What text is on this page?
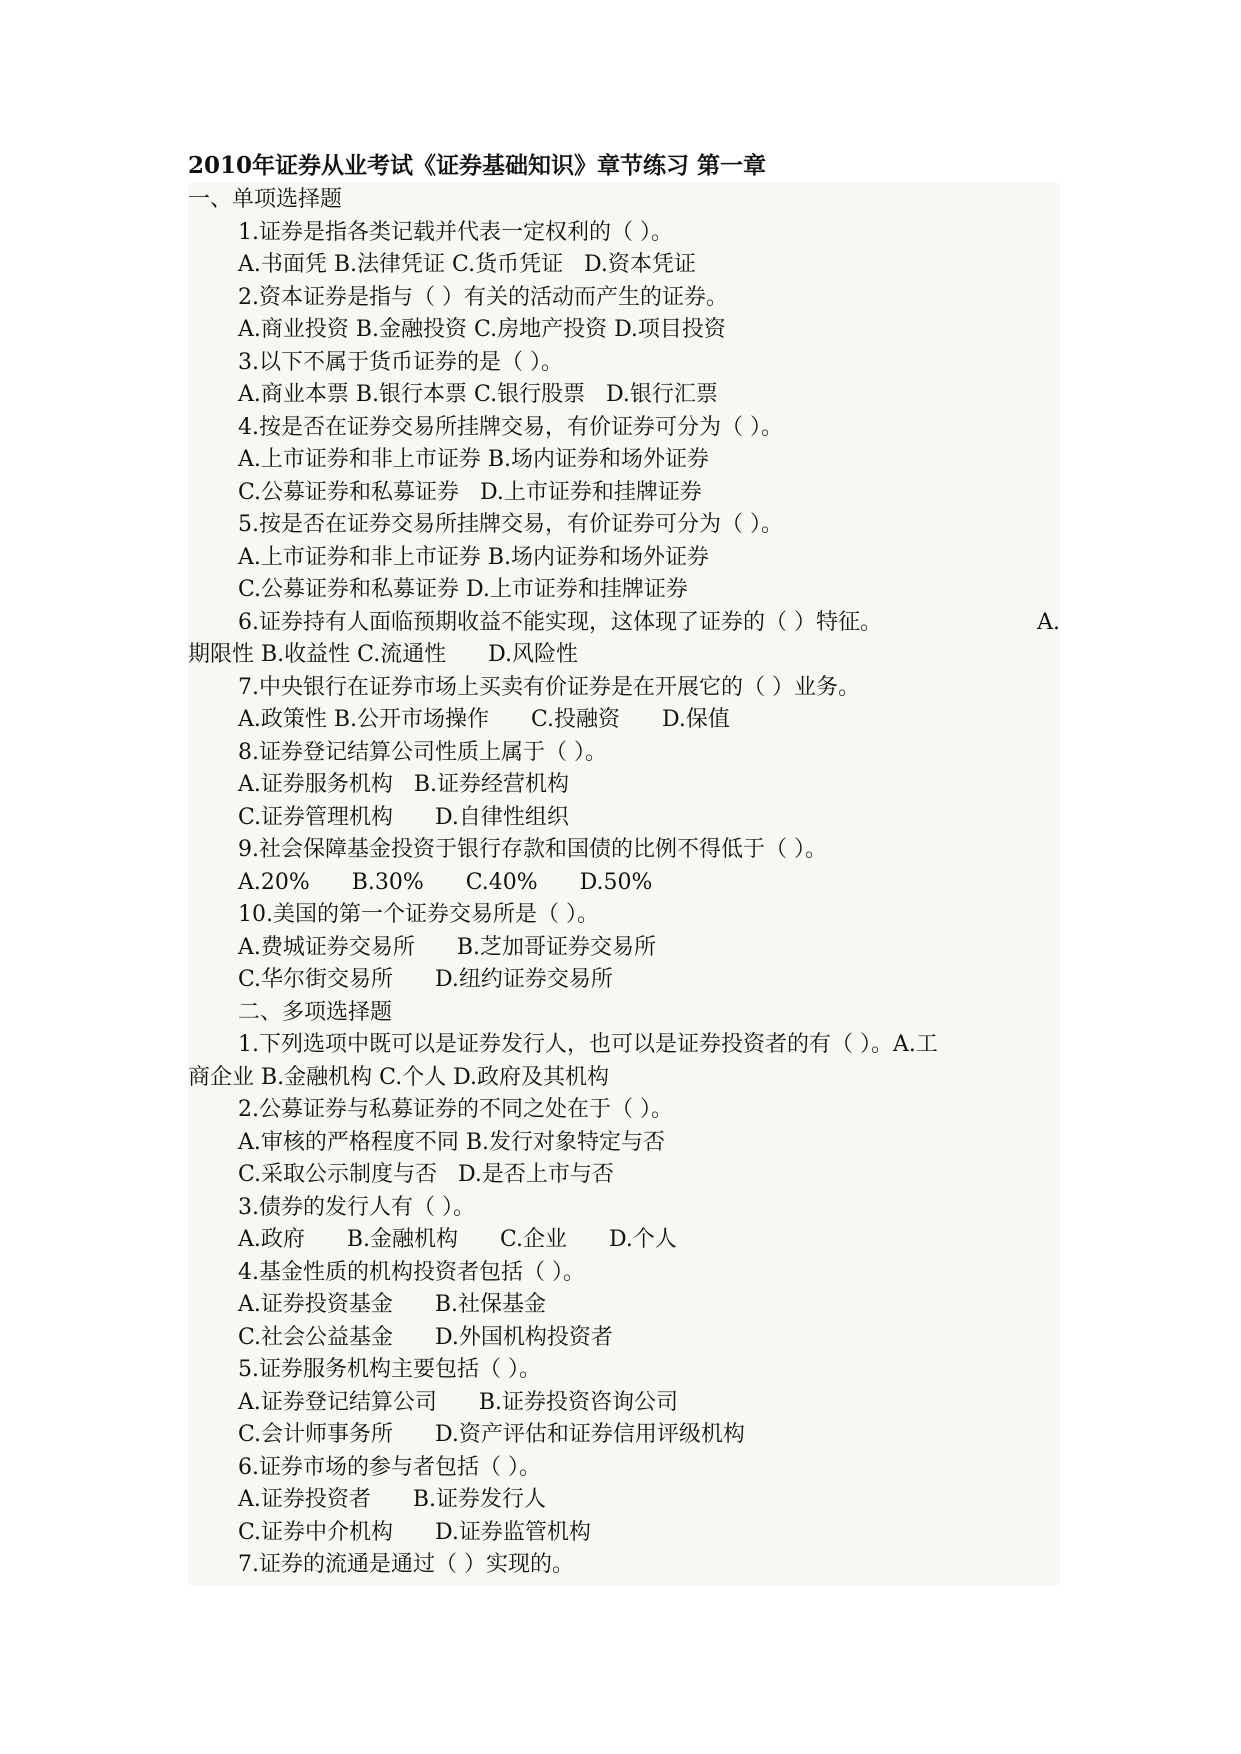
2010年证券从业考试《证券基础知识》章节练习 第一章
一、单项选择题
1.证券是指各类记载并代表一定权利的（ ）。
A.书面凭 B.法律凭证 C.货币凭证   D.资本凭证
2.资本证券是指与（ ）有关的活动而产生的证券。
A.商业投资 B.金融投资 C.房地产投资 D.项目投资
3.以下不属于货币证券的是（ ）。
A.商业本票 B.银行本票 C.银行股票   D.银行汇票
4.按是否在证券交易所挂牌交易，有价证券可分为（ ）。
A.上市证券和非上市证券 B.场内证券和场外证券
C.公募证券和私募证券   D.上市证券和挂牌证券
5.按是否在证券交易所挂牌交易，有价证券可分为（ ）。
A.上市证券和非上市证券 B.场内证券和场外证券
C.公募证券和私募证券 D.上市证券和挂牌证券
6.证券持有人面临预期收益不能实现，这体现了证券的（ ）特征。	A.
期限性 B.收益性 C.流通性      D.风险性
7.中央银行在证券市场上买卖有价证券是在开展它的（ ）业务。
A.政策性 B.公开市场操作      C.投融资      D.保值
8.证券登记结算公司性质上属于（ ）。
A.证券服务机构   B.证券经营机构
C.证券管理机构      D.自律性组织
9.社会保障基金投资于银行存款和国债的比例不得低于（ ）。
A.20%      B.30%      C.40%      D.50%
10.美国的第一个证券交易所是（ ）。
A.费城证券交易所      B.芝加哥证券交易所
C.华尔街交易所      D.纽约证券交易所
二、多项选择题
1.下列选项中既可以是证券发行人，也可以是证券投资者的有（ ）。A.工
商企业 B.金融机构 C.个人 D.政府及其机构
2.公募证券与私募证券的不同之处在于（ ）。
A.审核的严格程度不同 B.发行对象特定与否
C.采取公示制度与否   D.是否上市与否
3.债券的发行人有（ ）。
A.政府      B.金融机构      C.企业      D.个人
4.基金性质的机构投资者包括（ ）。
A.证券投资基金      B.社保基金
C.社会公益基金      D.外国机构投资者
5.证券服务机构主要包括（ ）。
A.证券登记结算公司      B.证券投资咨询公司
C.会计师事务所      D.资产评估和证券信用评级机构
6.证券市场的参与者包括（ ）。
A.证券投资者      B.证券发行人
C.证券中介机构      D.证券监管机构
7.证券的流通是通过（ ）实现的。
